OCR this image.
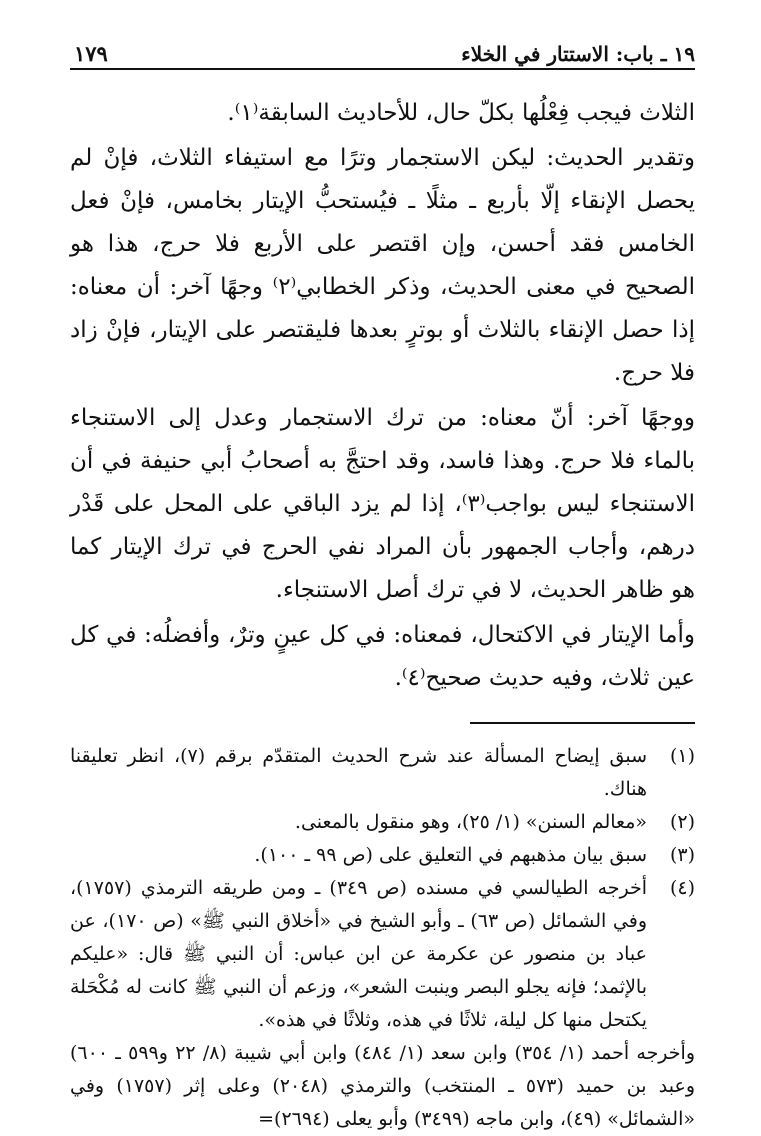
١٩ ـ باب: الاستتار في الخلاء
١٧٩

الثلاث فيجب فِعْلُها بكلّ حال، للأحاديث السابقة⁽١⁾.

وتقدير الحديث: ليكن الاستجمار وترًا مع استيفاء الثلاث، فإنْ لم يحصل الإنقاء إلّا بأربع ـ مثلًا ـ فيُستحبُّ الإيتار بخامس، فإنْ فعل الخامس فقد أحسن، وإن اقتصر على الأربع فلا حرج، هذا هو الصحيح في معنى الحديث، وذكر الخطابي⁽٢⁾ وجهًا آخر: أن معناه: إذا حصل الإنقاء بالثلاث أو بوترٍ بعدها فليقتصر على الإيتار، فإنْ زاد فلا حرج.

ووجهًا آخر: أنّ معناه: من ترك الاستجمار وعدل إلى الاستنجاء بالماء فلا حرج. وهذا فاسد، وقد احتجَّ به أصحابُ أبي حنيفة في أن الاستنجاء ليس بواجب⁽٣⁾، إذا لم يزد الباقي على المحل على قَدْر درهم، وأجاب الجمهور بأن المراد نفي الحرج في ترك الإيتار كما هو ظاهر الحديث، لا في ترك أصل الاستنجاء.

وأما الإيتار في الاكتحال، فمعناه: في كل عينٍ وترٌ، وأفضلُه: في كل عين ثلاث، وفيه حديث صحيح⁽٤⁾.

(١)
سبق إيضاح المسألة عند شرح الحديث المتقدّم برقم (٧)، انظر تعليقنا هناك.
(٢)
«معالم السنن» (١/ ٢٥)، وهو منقول بالمعنى.
(٣)
سبق بيان مذهبهم في التعليق على (ص ٩٩ ـ ١٠٠).
(٤)
أخرجه الطيالسي في مسنده (ص ٣٤٩) ـ ومن طريقه الترمذي (١٧٥٧)، وفي الشمائل (ص ٦٣) ـ وأبو الشيخ في «أخلاق النبي ﷺ» (ص ١٧٠)، عن عباد بن منصور عن عكرمة عن ابن عباس: أن النبي ﷺ قال: «عليكم بالإثمد؛ فإنه يجلو البصر وينبت الشعر»، وزعم أن النبي ﷺ كانت له مُكْحَلة يكتحل منها كل ليلة، ثلاثًا في هذه، وثلاثًا في هذه».
وأخرجه أحمد (١/ ٣٥٤) وابن سعد (١/ ٤٨٤) وابن أبي شيبة (٨/ ٢٢ و٥٩٩ ـ ٦٠٠) وعبد بن حميد (٥٧٣ ـ المنتخب) والترمذي (٢٠٤٨) وعلى إثر (١٧٥٧) وفي «الشمائل» (٤٩)، وابن ماجه (٣٤٩٩) وأبو يعلى (٢٦٩٤)=
